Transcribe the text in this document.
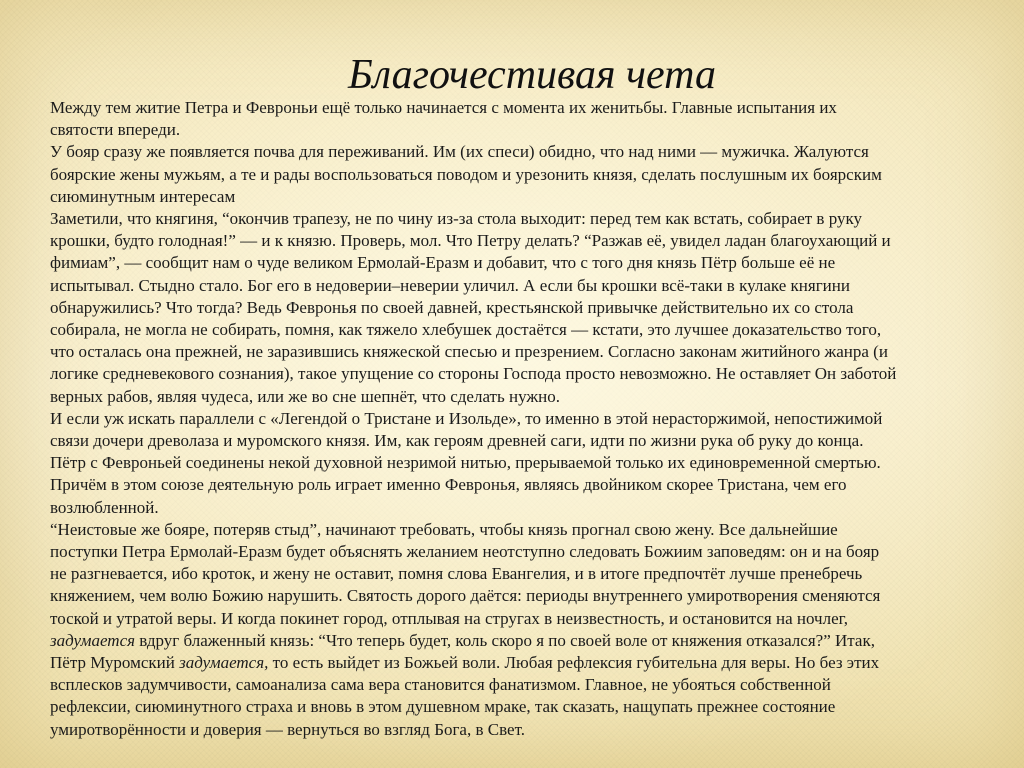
Благочестивая чета
Между тем житие Петра и Февроньи ещё только начинается с момента их женитьбы. Главные испытания их
святости впереди.
У бояр сразу же появляется почва для переживаний. Им (их спеси) обидно, что над ними — мужичка. Жалуются
боярские жены мужьям, а те и рады воспользоваться поводом и урезонить князя, сделать послушным их боярским
сиюминутным интересам
Заметили, что княгиня, “окончив трапезу, не по чину из-за стола выходит: перед тем как встать, собирает в руку
крошки, будто голодная!” — и к князю. Проверь, мол. Что Петру делать? “Разжав её, увидел ладан благоухающий и
фимиам”, — сообщит нам о чуде великом Ермолай-Еразм и добавит, что с того дня князь Пётр больше её не
испытывал. Стыдно стало. Бог его в недоверии–неверии уличил. А если бы крошки всё-таки в кулаке княгини
обнаружились? Что тогда? Ведь Февронья по своей давней, крестьянской привычке действительно их со стола
собирала, не могла не собирать, помня, как тяжело хлебушек достаётся — кстати, это лучшее доказательство того,
что осталась она прежней, не заразившись княжеской спесью и презрением. Согласно законам житийного жанра (и
логике средневекового сознания), такое упущение со стороны Господа просто невозможно. Не оставляет Он заботой
верных рабов, являя чудеса, или же во сне шепнёт, что сделать нужно.
И если уж искать параллели с «Легендой о Тристане и Изольде», то именно в этой нерасторжимой, непостижимой
связи дочери древолаза и муромского князя. Им, как героям древней саги, идти по жизни рука об руку до конца.
Пётр с Февроньей соединены некой духовной незримой нитью, прерываемой только их единовременной смертью.
Причём в этом союзе деятельную роль играет именно Февронья, являясь двойником скорее Тристана, чем его
возлюбленной.
“Неистовые же бояре, потеряв стыд”, начинают требовать, чтобы князь прогнал свою жену. Все дальнейшие
поступки Петра Ермолай-Еразм будет объяснять желанием неотступно следовать Божиим заповедям: он и на бояр
не разгневается, ибо кроток, и жену не оставит, помня слова Евангелия, и в итоге предпочтёт лучше пренебречь
княжением, чем волю Божию нарушить. Святость дорого даётся: периоды внутреннего умиротворения сменяются
тоской и утратой веры. И когда покинет город, отплывая на стругах в неизвестность, и остановится на ночлег,
задумается вдруг блаженный князь: “Что теперь будет, коль скоро я по своей воле от княжения отказался?” Итак,
Пётр Муромский задумается, то есть выйдет из Божьей воли. Любая рефлексия губительна для веры. Но без этих
всплесков задумчивости, самоанализа сама вера становится фанатизмом. Главное, не убояться собственной
рефлексии, сиюминутного страха и вновь в этом душевном мраке, так сказать, нащупать прежнее состояние
умиротворённости и доверия — вернуться во взгляд Бога, в Свет.
